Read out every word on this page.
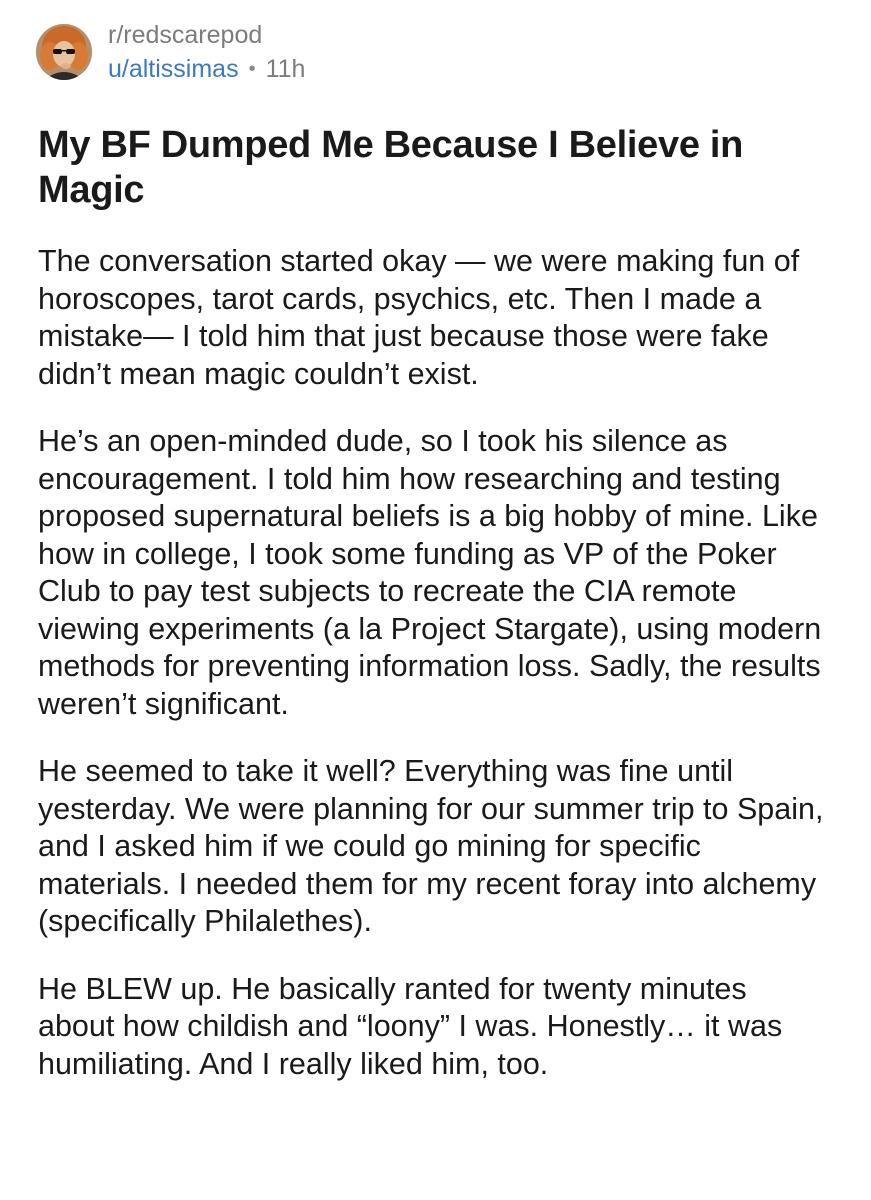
r/redscarepod
u/altissimas • 11h
My BF Dumped Me Because I Believe in Magic

The conversation started okay — we were making fun of horoscopes, tarot cards, psychics, etc. Then I made a mistake— I told him that just because those were fake didn’t mean magic couldn’t exist.

He’s an open-minded dude, so I took his silence as encouragement. I told him how researching and testing proposed supernatural beliefs is a big hobby of mine. Like how in college, I took some funding as VP of the Poker Club to pay test subjects to recreate the CIA remote viewing experiments (a la Project Stargate), using modern methods for preventing information loss. Sadly, the results weren’t significant.

He seemed to take it well? Everything was fine until yesterday. We were planning for our summer trip to Spain, and I asked him if we could go mining for specific materials. I needed them for my recent foray into alchemy (specifically Philalethes).

He BLEW up. He basically ranted for twenty minutes about how childish and “loony” I was. Honestly… it was humiliating. And I really liked him, too.
